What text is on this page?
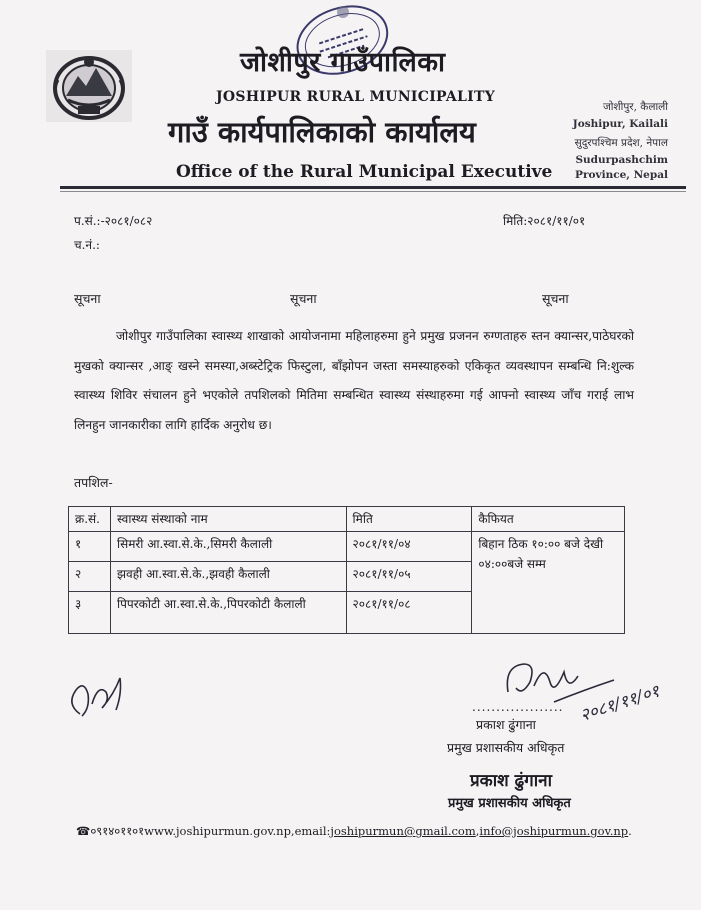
जोशीपुर गाउँपालिका
JOSHIPUR RURAL MUNICIPALITY
गाउँ कार्यपालिकाको कार्यालय
Office of the Rural Municipal Executive
जोशीपुर, कैलाली
Joshipur, Kailali
सुदुरपश्चिम प्रदेश, नेपाल
Sudurpashchim
Province, Nepal
प.सं.:-२०८१/०८२
च.नं.:
मिति:२०८१/११/०१
सूचना	सूचना	सूचना
जोशीपुर गाउँपालिका स्वास्थ्य शाखाको आयोजनामा महिलाहरुमा हुने प्रमुख प्रजनन रुग्णताहरु स्तन क्यान्सर,पाठेघरको मुखको क्यान्सर ,आङ् खस्ने समस्या,अब्स्टेट्रिक फिस्टुला, बाँझोपन जस्ता समस्याहरुको एकिकृत व्यवस्थापन सम्बन्धि नि:शुल्क स्वास्थ्य शिविर संचालन हुने भएकोले तपशिलको मितिमा सम्बन्धित स्वास्थ्य संस्थाहरुमा गई आफ्नो स्वास्थ्य जाँच गराई लाभ लिनहुन जानकारीका लागि हार्दिक अनुरोध छ।
तपशिल-
क्र.सं.	स्वास्थ्य संस्थाको नाम	मिति	कैफियत
१	सिमरी आ.स्वा.से.के.,सिमरी कैलाली	२०८१/११/०४	बिहान ठिक १०:०० बजे देखी ०४:००बजे सम्म
२	झवही आ.स्वा.से.के.,झवही कैलाली	२०८१/११/०५	
३	पिपरकोटी आ.स्वा.से.के.,पिपरकोटी कैलाली	२०८१/११/०८	
२०८१/११/०१
...................
प्रकाश ढुंगाना
प्रमुख प्रशासकीय अधिकृत
प्रकाश ढुंगाना
प्रमुख प्रशासकीय अधिकृत
☎०९१४०११०१www.joshipurmun.gov.np,email:joshipurmun@gmail.com,info@joshipurmun.gov.np.
